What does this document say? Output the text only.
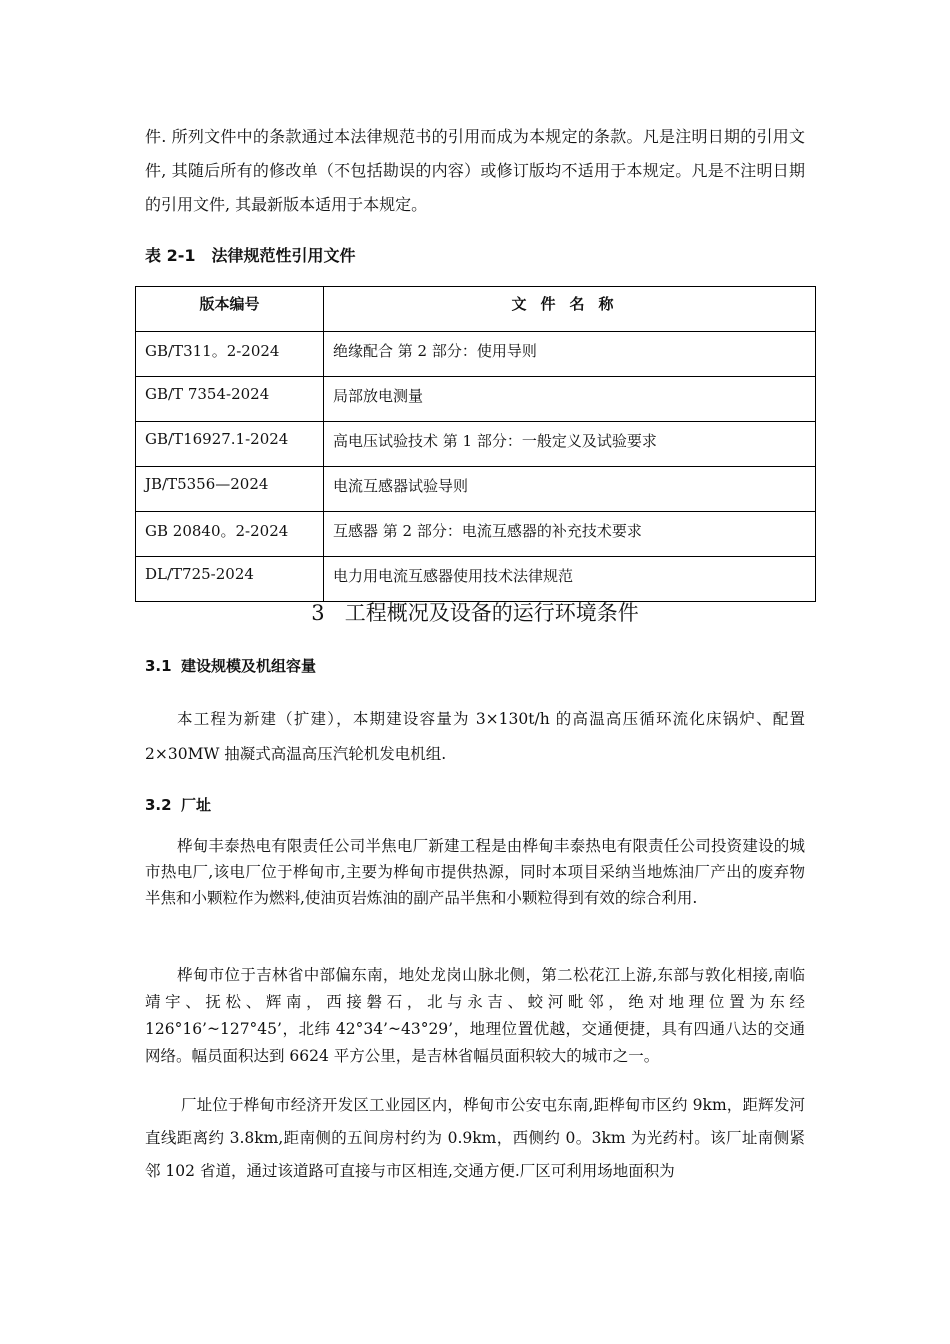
件. 所列文件中的条款通过本法律规范书的引用而成为本规定的条款。凡是注明日期的引用文件, 其随后所有的修改单（不包括勘误的内容）或修订版均不适用于本规定。凡是不注明日期的引用文件, 其最新版本适用于本规定。
表 2-1 法律规范性引用文件
版本编号	文件名称
GB/T311。2-2024	绝缘配合 第 2 部分：使用导则
GB/T 7354-2024	局部放电测量
GB/T16927.1-2024	高电压试验技术 第 1 部分：一般定义及试验要求
JB/T5356—2024	电流互感器试验导则
GB 20840。2-2024	互感器 第 2 部分：电流互感器的补充技术要求
DL/T725-2024	电力用电流互感器使用技术法律规范
3 工程概况及设备的运行环境条件
3.1 建设规模及机组容量
本工程为新建（扩建），本期建设容量为 3×130t/h 的高温高压循环流化床锅炉、配置 2×30MW 抽凝式高温高压汽轮机发电机组.
3.2 厂址
桦甸丰泰热电有限责任公司半焦电厂新建工程是由桦甸丰泰热电有限责任公司投资建设的城市热电厂,该电厂位于桦甸市,主要为桦甸市提供热源，同时本项目采纳当地炼油厂产出的废弃物半焦和小颗粒作为燃料,使油页岩炼油的副产品半焦和小颗粒得到有效的综合利用.
桦甸市位于吉林省中部偏东南，地处龙岗山脉北侧，第二松花江上游,东部与敦化相接,南临靖宇、抚松、辉南，西接磐石，北与永吉、蛟河毗邻，绝对地理位置为东经 126°16’~127°45’，北纬 42°34’~43°29’，地理位置优越，交通便捷，具有四通八达的交通网络。幅员面积达到 6624 平方公里，是吉林省幅员面积较大的城市之一。
厂址位于桦甸市经济开发区工业园区内，桦甸市公安屯东南,距桦甸市区约 9km，距辉发河直线距离约 3.8km,距南侧的五间房村约为 0.9km，西侧约 0。3km 为光药村。该厂址南侧紧邻 102 省道，通过该道路可直接与市区相连,交通方便.厂区可利用场地面积为
